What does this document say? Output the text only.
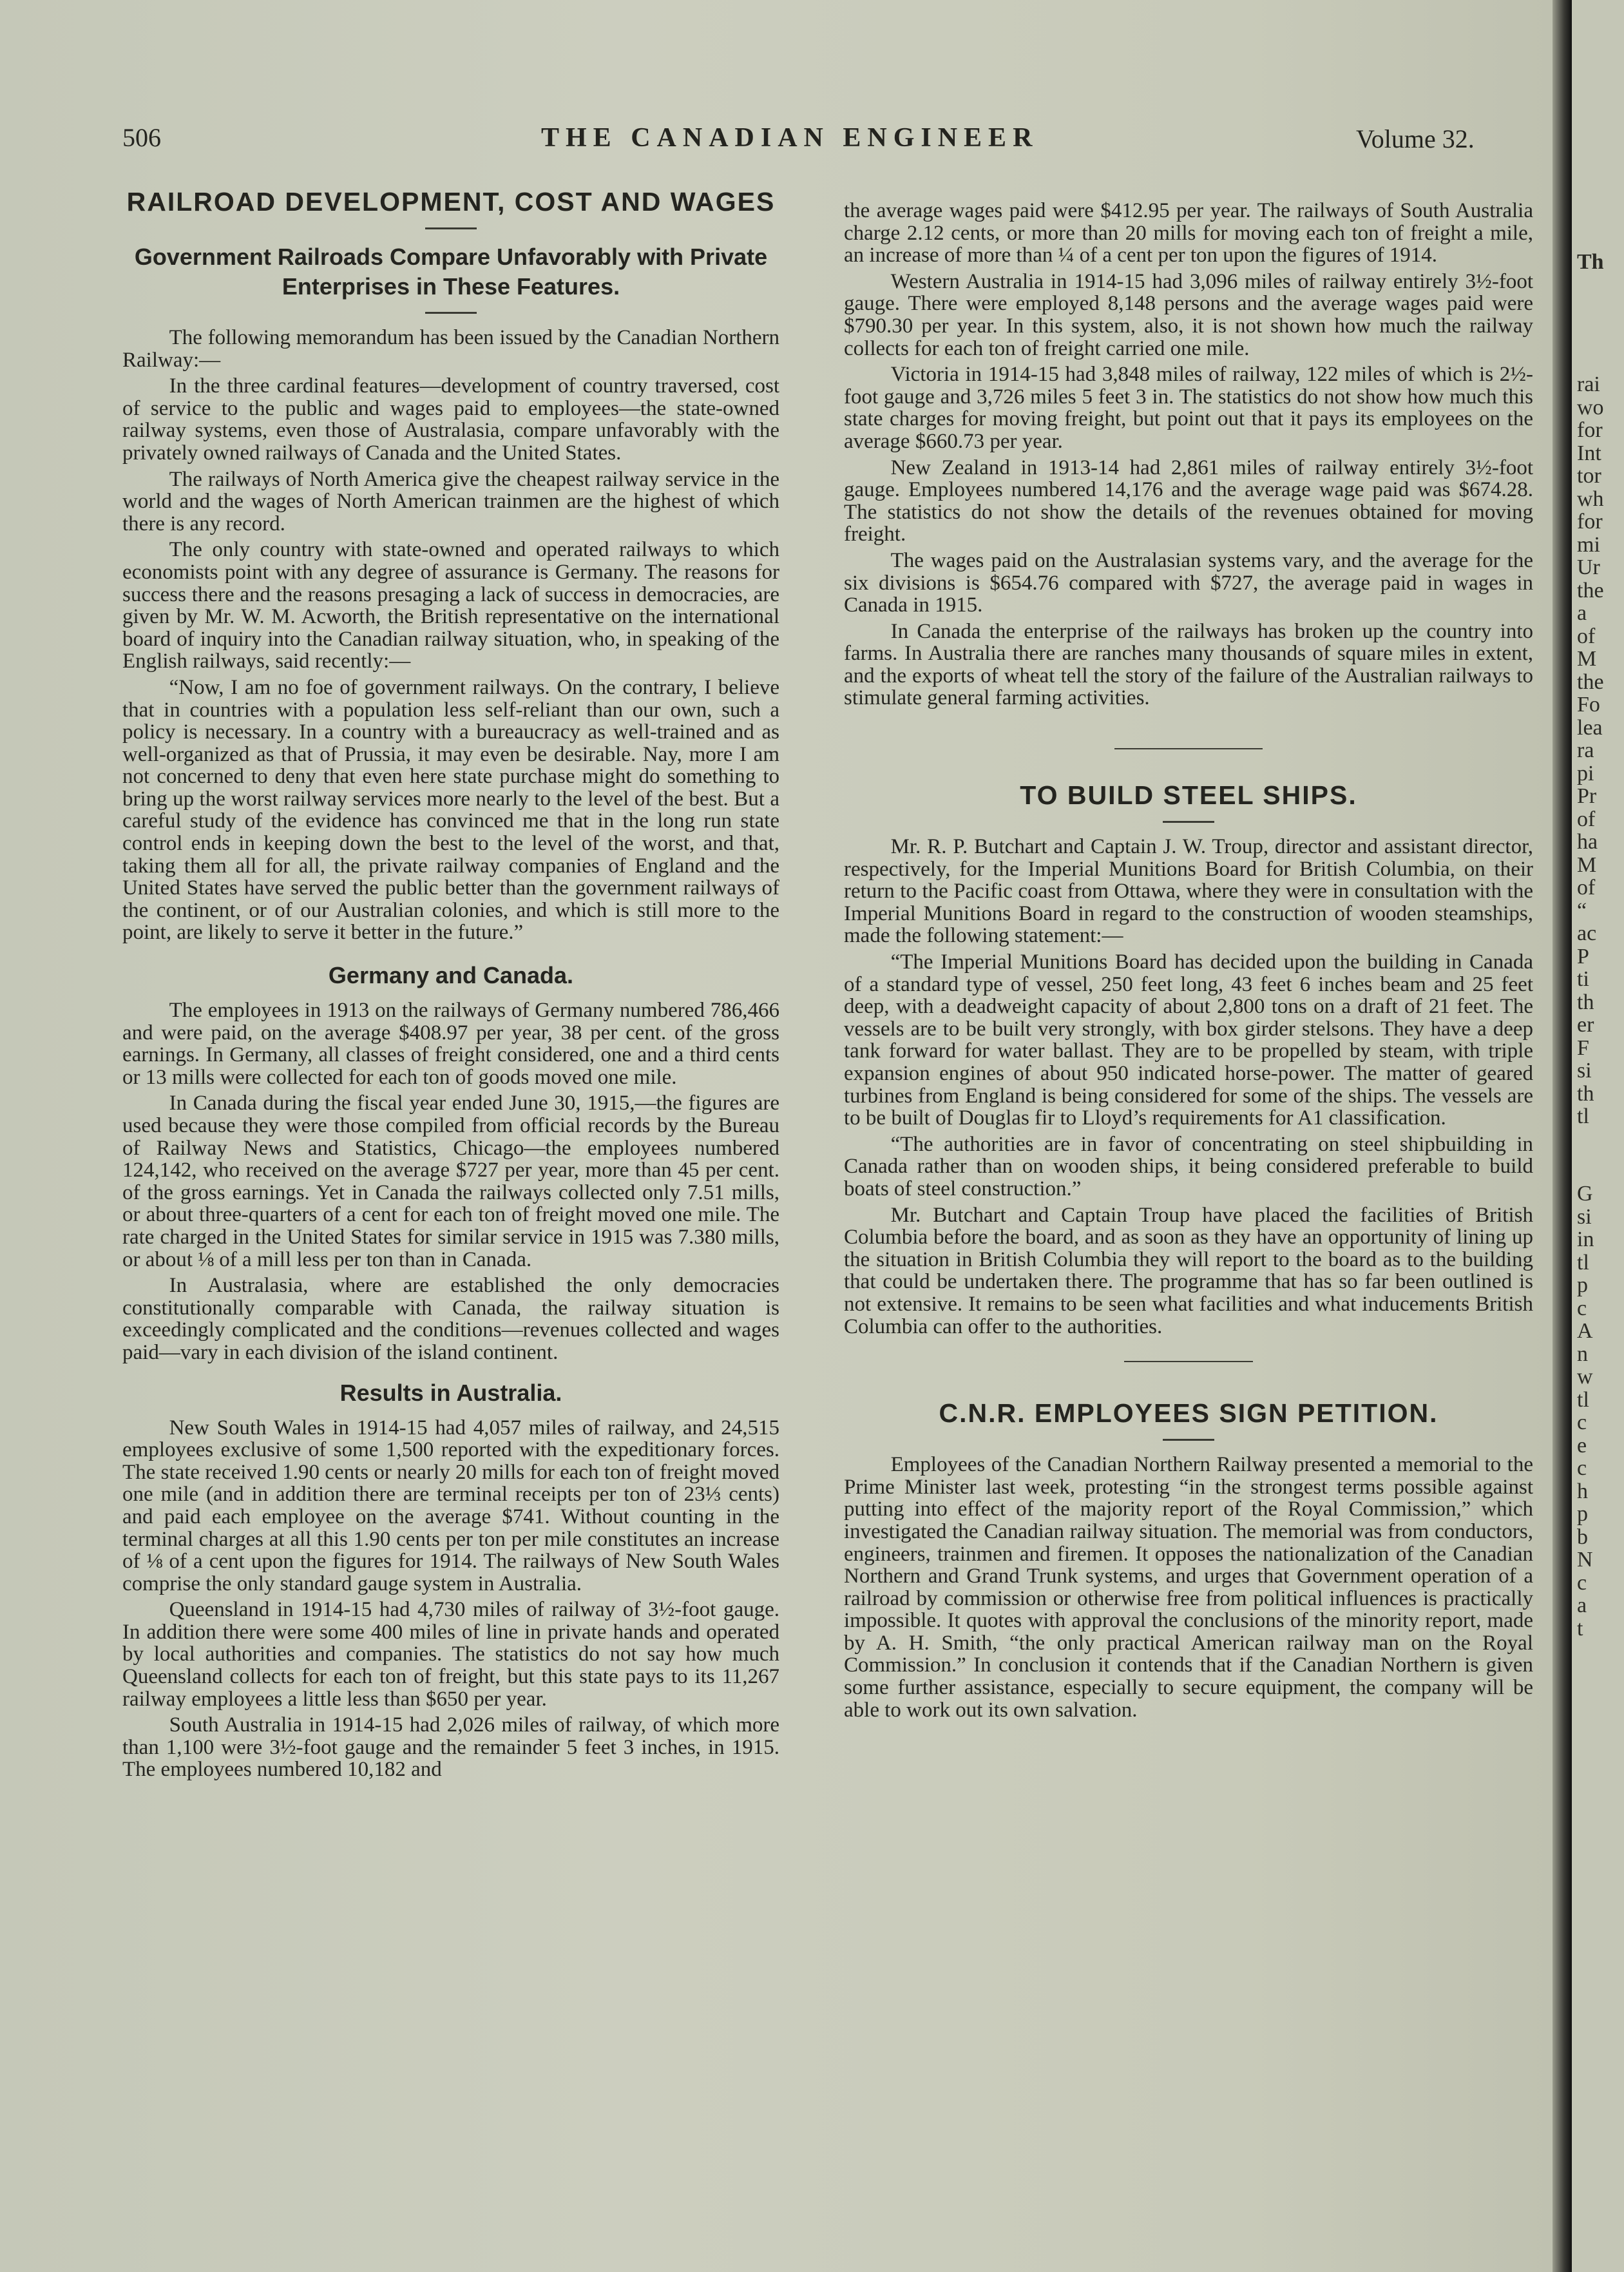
506	THE CANADIAN ENGINEER	Volume 32.
RAILROAD DEVELOPMENT, COST AND WAGES
Government Railroads Compare Unfavorably with Private Enterprises in These Features.

The following memorandum has been issued by the Canadian Northern Railway:—

In the three cardinal features—development of country traversed, cost of service to the public and wages paid to employees—the state-owned railway systems, even those of Australasia, compare unfavorably with the privately owned railways of Canada and the United States.

The railways of North America give the cheapest railway service in the world and the wages of North American trainmen are the highest of which there is any record.

The only country with state-owned and operated railways to which economists point with any degree of assurance is Germany. The reasons for success there and the reasons presaging a lack of success in democracies, are given by Mr. W. M. Acworth, the British representative on the international board of inquiry into the Canadian railway situation, who, in speaking of the English railways, said recently:—

“Now, I am no foe of government railways. On the contrary, I believe that in countries with a population less self-reliant than our own, such a policy is necessary. In a country with a bureaucracy as well-trained and as well-organized as that of Prussia, it may even be desirable. Nay, more I am not concerned to deny that even here state purchase might do something to bring up the worst railway services more nearly to the level of the best. But a careful study of the evidence has convinced me that in the long run state control ends in keeping down the best to the level of the worst, and that, taking them all for all, the private railway companies of England and the United States have served the public better than the government railways of the continent, or of our Australian colonies, and which is still more to the point, are likely to serve it better in the future.”

Germany and Canada.

The employees in 1913 on the railways of Germany numbered 786,466 and were paid, on the average $408.97 per year, 38 per cent. of the gross earnings. In Germany, all classes of freight considered, one and a third cents or 13 mills were collected for each ton of goods moved one mile.

In Canada during the fiscal year ended June 30, 1915,—the figures are used because they were those compiled from official records by the Bureau of Railway News and Statistics, Chicago—the employees numbered 124,142, who received on the average $727 per year, more than 45 per cent. of the gross earnings. Yet in Canada the railways collected only 7.51 mills, or about three-quarters of a cent for each ton of freight moved one mile. The rate charged in the United States for similar service in 1915 was 7.380 mills, or about ⅛ of a mill less per ton than in Canada.

In Australasia, where are established the only democracies constitutionally comparable with Canada, the railway situation is exceedingly complicated and the conditions—revenues collected and wages paid—vary in each division of the island continent.

Results in Australia.

New South Wales in 1914-15 had 4,057 miles of railway, and 24,515 employees exclusive of some 1,500 reported with the expeditionary forces. The state received 1.90 cents or nearly 20 mills for each ton of freight moved one mile (and in addition there are terminal receipts per ton of 23⅓ cents) and paid each employee on the average $741. Without counting in the terminal charges at all this 1.90 cents per ton per mile constitutes an increase of ⅛ of a cent upon the figures for 1914. The railways of New South Wales comprise the only standard gauge system in Australia.

Queensland in 1914-15 had 4,730 miles of railway of 3½-foot gauge. In addition there were some 400 miles of line in private hands and operated by local authorities and companies. The statistics do not say how much Queensland collects for each ton of freight, but this state pays to its 11,267 railway employees a little less than $650 per year.

South Australia in 1914-15 had 2,026 miles of railway, of which more than 1,100 were 3½-foot gauge and the remainder 5 feet 3 inches, in 1915. The employees numbered 10,182 and

the average wages paid were $412.95 per year. The railways of South Australia charge 2.12 cents, or more than 20 mills for moving each ton of freight a mile, an increase of more than ¼ of a cent per ton upon the figures of 1914.

Western Australia in 1914-15 had 3,096 miles of railway entirely 3½-foot gauge. There were employed 8,148 persons and the average wages paid were $790.30 per year. In this system, also, it is not shown how much the railway collects for each ton of freight carried one mile.

Victoria in 1914-15 had 3,848 miles of railway, 122 miles of which is 2½-foot gauge and 3,726 miles 5 feet 3 in. The statistics do not show how much this state charges for moving freight, but point out that it pays its employees on the average $660.73 per year.

New Zealand in 1913-14 had 2,861 miles of railway entirely 3½-foot gauge. Employees numbered 14,176 and the average wage paid was $674.28. The statistics do not show the details of the revenues obtained for moving freight.

The wages paid on the Australasian systems vary, and the average for the six divisions is $654.76 compared with $727, the average paid in wages in Canada in 1915.

In Canada the enterprise of the railways has broken up the country into farms. In Australia there are ranches many thousands of square miles in extent, and the exports of wheat tell the story of the failure of the Australian railways to stimulate general farming activities.

TO BUILD STEEL SHIPS.

Mr. R. P. Butchart and Captain J. W. Troup, director and assistant director, respectively, for the Imperial Munitions Board for British Columbia, on their return to the Pacific coast from Ottawa, where they were in consultation with the Imperial Munitions Board in regard to the construction of wooden steamships, made the following statement:—

“The Imperial Munitions Board has decided upon the building in Canada of a standard type of vessel, 250 feet long, 43 feet 6 inches beam and 25 feet deep, with a deadweight capacity of about 2,800 tons on a draft of 21 feet. The vessels are to be built very strongly, with box girder stelsons. They have a deep tank forward for water ballast. They are to be propelled by steam, with triple expansion engines of about 950 indicated horse-power. The matter of geared turbines from England is being considered for some of the ships. The vessels are to be built of Douglas fir to Lloyd’s requirements for A1 classification.

“The authorities are in favor of concentrating on steel shipbuilding in Canada rather than on wooden ships, it being considered preferable to build boats of steel construction.”

Mr. Butchart and Captain Troup have placed the facilities of British Columbia before the board, and as soon as they have an opportunity of lining up the situation in British Columbia they will report to the board as to the building that could be undertaken there. The programme that has so far been outlined is not extensive. It remains to be seen what facilities and what inducements British Columbia can offer to the authorities.

C.N.R. EMPLOYEES SIGN PETITION.

Employees of the Canadian Northern Railway presented a memorial to the Prime Minister last week, protesting “in the strongest terms possible against putting into effect of the majority report of the Royal Commission,” which investigated the Canadian railway situation. The memorial was from conductors, engineers, trainmen and firemen. It opposes the nationalization of the Canadian Northern and Grand Trunk systems, and urges that Government operation of a railroad by commission or otherwise free from political influences is practically impossible. It quotes with approval the conclusions of the minority report, made by A. H. Smith, “the only practical American railway man on the Royal Commission.” In conclusion it contends that if the Canadian Northern is given some further assistance, especially to secure equipment, the company will be able to work out its own salvation.

Th
rai
wo
for
Int
tor
wh
for
mi
Ur
the
a
of
M
the
Fo
lea
ra
pi
Pr
of
ha
M
of
“
ac
P
ti
th
er
F
si
th
tl
G
si
in
tl
p
c
A
n
w
tl
c
e
c
h
p
b
N
c
a
t
